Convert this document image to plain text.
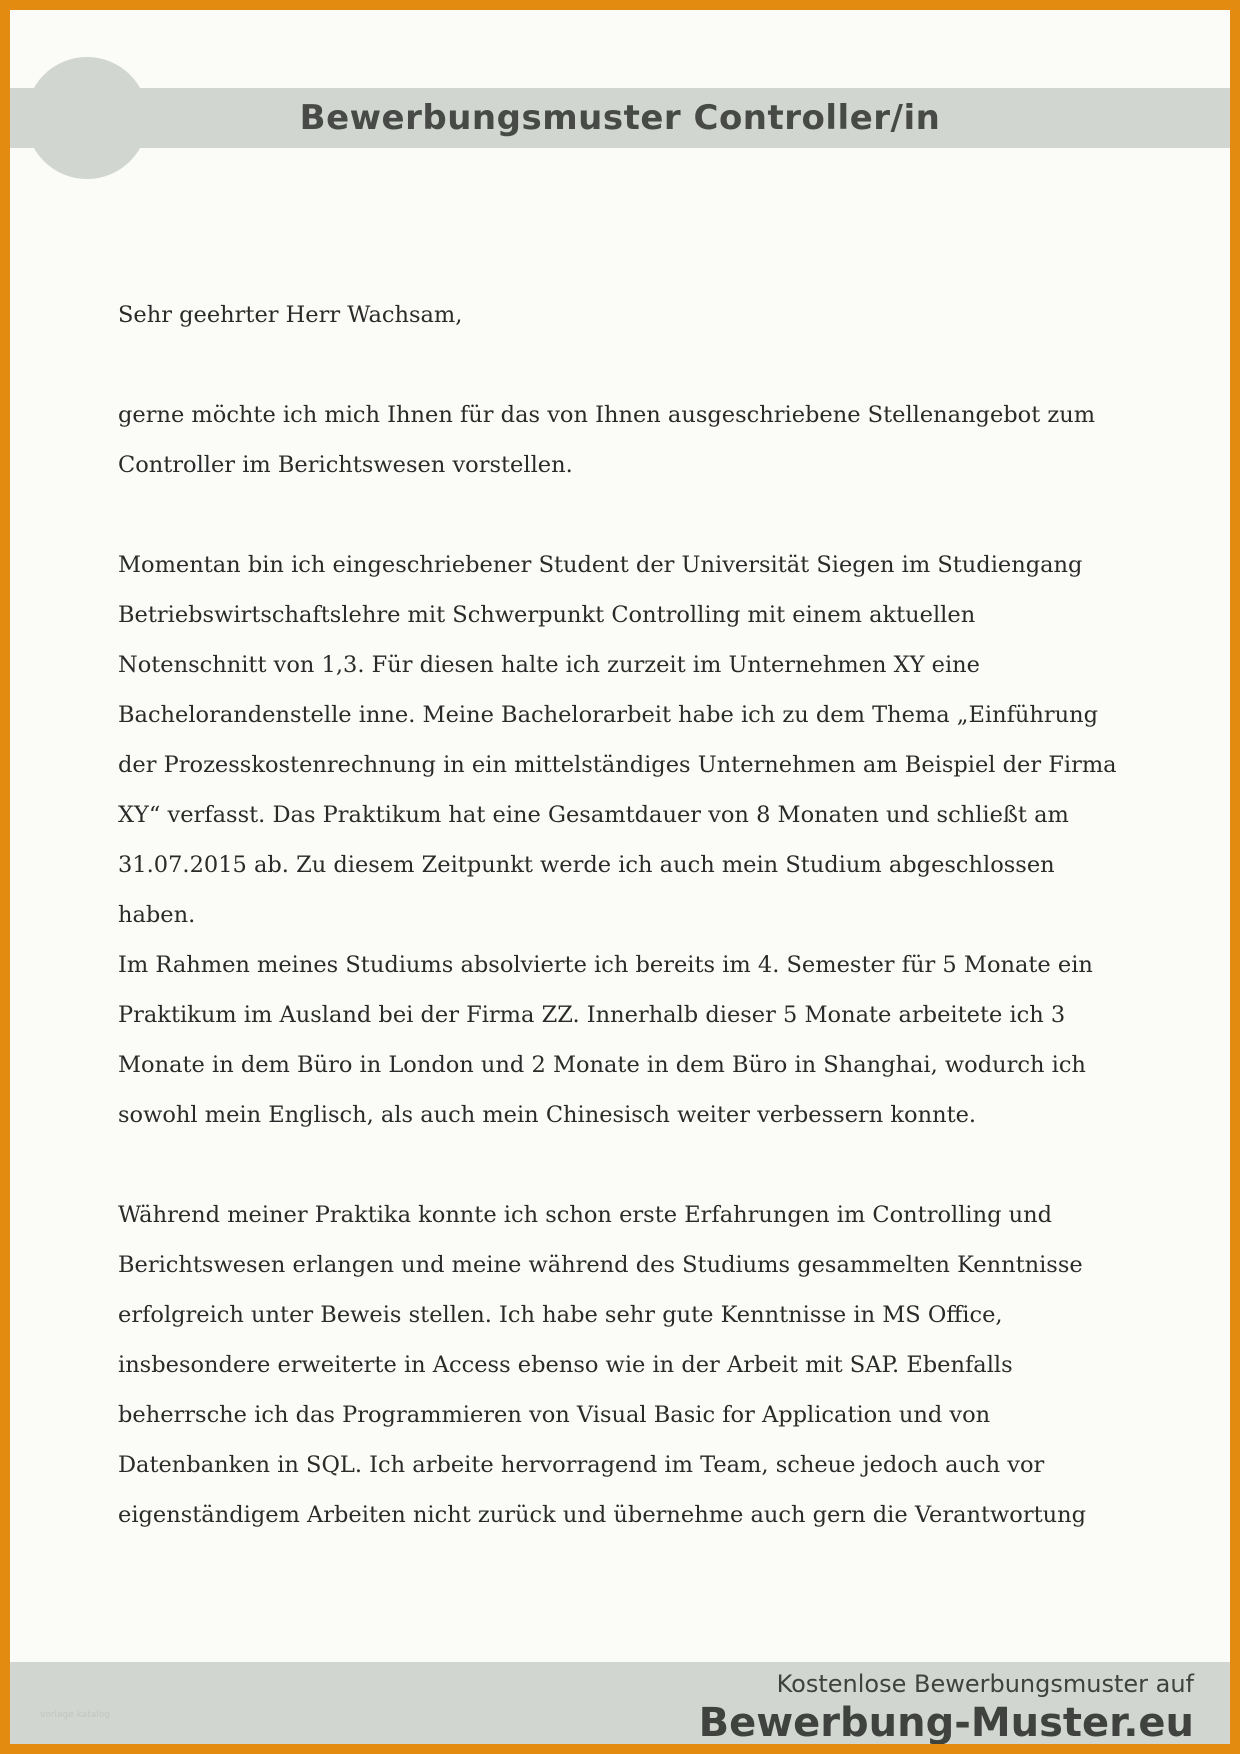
Bewerbungsmuster Controller/in

Sehr geehrter Herr Wachsam,

gerne möchte ich mich Ihnen für das von Ihnen ausgeschriebene Stellenangebot zum Controller im Berichtswesen vorstellen.

Momentan bin ich eingeschriebener Student der Universität Siegen im Studiengang Betriebswirtschaftslehre mit Schwerpunkt Controlling mit einem aktuellen Notenschnitt von 1,3. Für diesen halte ich zurzeit im Unternehmen XY eine Bachelorandenstelle inne. Meine Bachelorarbeit habe ich zu dem Thema „Einführung der Prozesskostenrechnung in ein mittelständiges Unternehmen am Beispiel der Firma XY“ verfasst. Das Praktikum hat eine Gesamtdauer von 8 Monaten und schließt am 31.07.2015 ab. Zu diesem Zeitpunkt werde ich auch mein Studium abgeschlossen haben.

Im Rahmen meines Studiums absolvierte ich bereits im 4. Semester für 5 Monate ein Praktikum im Ausland bei der Firma ZZ. Innerhalb dieser 5 Monate arbeitete ich 3 Monate in dem Büro in London und 2 Monate in dem Büro in Shanghai, wodurch ich sowohl mein Englisch, als auch mein Chinesisch weiter verbessern konnte.

Während meiner Praktika konnte ich schon erste Erfahrungen im Controlling und Berichtswesen erlangen und meine während des Studiums gesammelten Kenntnisse erfolgreich unter Beweis stellen. Ich habe sehr gute Kenntnisse in MS Office, insbesondere erweiterte in Access ebenso wie in der Arbeit mit SAP. Ebenfalls beherrsche ich das Programmieren von Visual Basic for Application und von Datenbanken in SQL. Ich arbeite hervorragend im Team, scheue jedoch auch vor eigenständigem Arbeiten nicht zurück und übernehme auch gern die Verantwortung

vorlage katalog
Kostenlose Bewerbungsmuster auf
Bewerbung-Muster.eu
